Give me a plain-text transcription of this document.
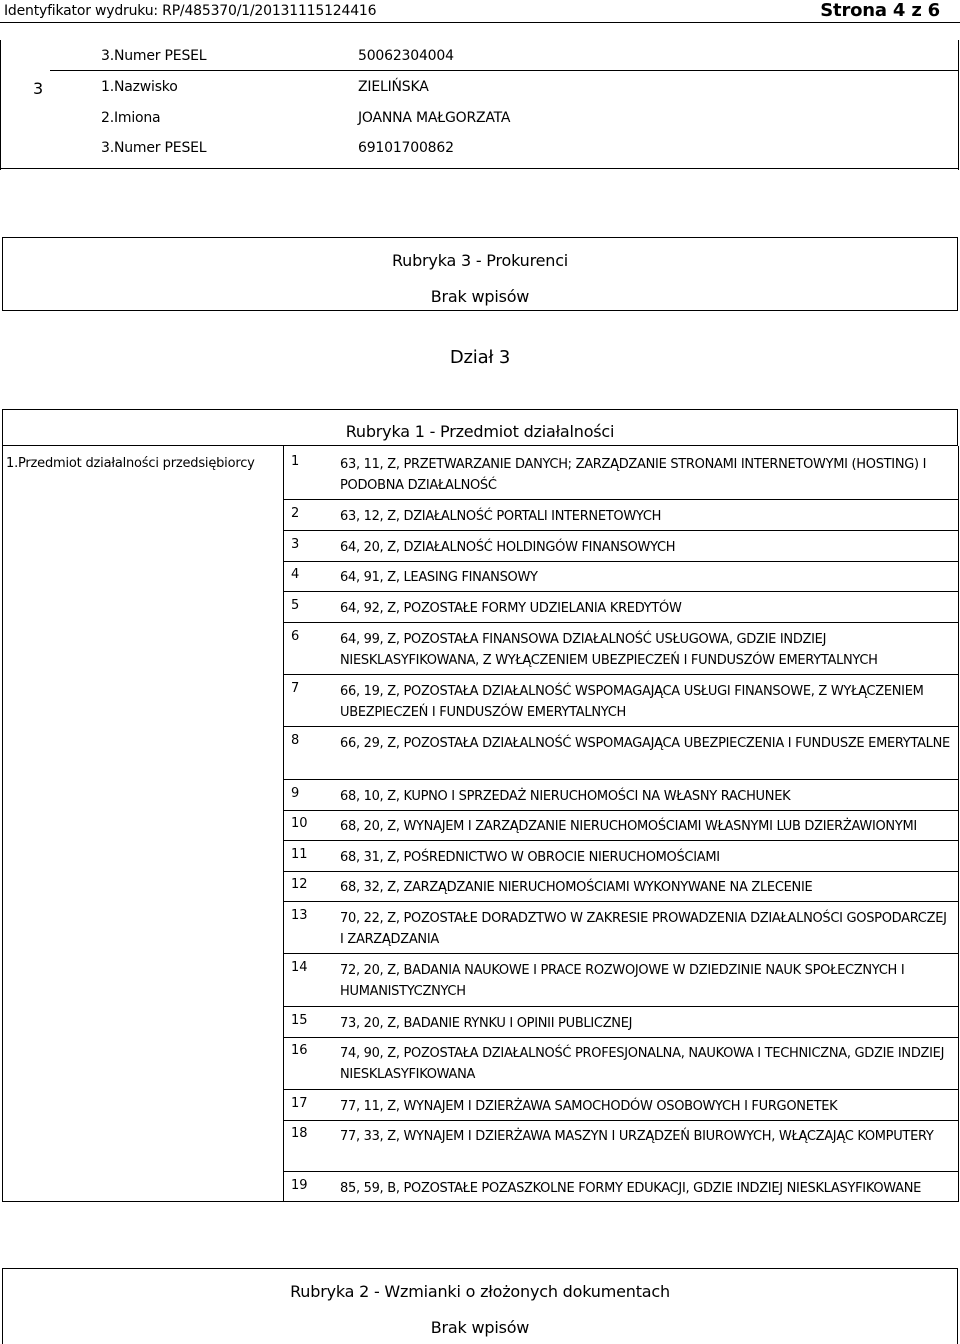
Identyfikator wydruku: RP/485370/1/20131115124416	Strona 4 z 6
3.Numer PESEL	50062304004
3	1.Nazwisko	ZIELIŃSKA
2.Imiona	JOANNA MAŁGORZATA
3.Numer PESEL	69101700862
Rubryka 3 - Prokurenci
Brak wpisów
Dział 3
Rubryka 1 - Przedmiot działalności
1.Przedmiot działalności przedsiębiorcy	1	63, 11, Z, PRZETWARZANIE DANYCH; ZARZĄDZANIE STRONAMI INTERNETOWYMI (HOSTING) I PODOBNA DZIAŁALNOŚĆ
2	63, 12, Z, DZIAŁALNOŚĆ PORTALI INTERNETOWYCH
3	64, 20, Z, DZIAŁALNOŚĆ HOLDINGÓW FINANSOWYCH
4	64, 91, Z, LEASING FINANSOWY
5	64, 92, Z, POZOSTAŁE FORMY UDZIELANIA KREDYTÓW
6	64, 99, Z, POZOSTAŁA FINANSOWA DZIAŁALNOŚĆ USŁUGOWA, GDZIE INDZIEJ NIESKLASYFIKOWANA, Z WYŁĄCZENIEM UBEZPIECZEŃ I FUNDUSZÓW EMERYTALNYCH
7	66, 19, Z, POZOSTAŁA DZIAŁALNOŚĆ WSPOMAGAJĄCA USŁUGI FINANSOWE, Z WYŁĄCZENIEM UBEZPIECZEŃ I FUNDUSZÓW EMERYTALNYCH
8	66, 29, Z, POZOSTAŁA DZIAŁALNOŚĆ WSPOMAGAJĄCA UBEZPIECZENIA I FUNDUSZE EMERYTALNE
9	68, 10, Z, KUPNO I SPRZEDAŻ NIERUCHOMOŚCI NA WŁASNY RACHUNEK
10 68, 20, Z, WYNAJEM I ZARZĄDZANIE NIERUCHOMOŚCIAMI WŁASNYMI LUB DZIERŻAWIONYMI
11 68, 31, Z, POŚREDNICTWO W OBROCIE NIERUCHOMOŚCIAMI
12 68, 32, Z, ZARZĄDZANIE NIERUCHOMOŚCIAMI WYKONYWANE NA ZLECENIE
13 70, 22, Z, POZOSTAŁE DORADZTWO W ZAKRESIE PROWADZENIA DZIAŁALNOŚCI GOSPODARCZEJ I ZARZĄDZANIA
14 72, 20, Z, BADANIA NAUKOWE I PRACE ROZWOJOWE W DZIEDZINIE NAUK SPOŁECZNYCH I HUMANISTYCZNYCH
15 73, 20, Z, BADANIE RYNKU I OPINII PUBLICZNEJ
16 74, 90, Z, POZOSTAŁA DZIAŁALNOŚĆ PROFESJONALNA, NAUKOWA I TECHNICZNA, GDZIE INDZIEJ NIESKLASYFIKOWANA
17 77, 11, Z, WYNAJEM I DZIERŻAWA SAMOCHODÓW OSOBOWYCH I FURGONETEK
18 77, 33, Z, WYNAJEM I DZIERŻAWA MASZYN I URZĄDZEŃ BIUROWYCH, WŁĄCZAJĄC KOMPUTERY
19 85, 59, B, POZOSTAŁE POZASZKOLNE FORMY EDUKACJI, GDZIE INDZIEJ NIESKLASYFIKOWANE
Rubryka 2 - Wzmianki o złożonych dokumentach
Brak wpisów
